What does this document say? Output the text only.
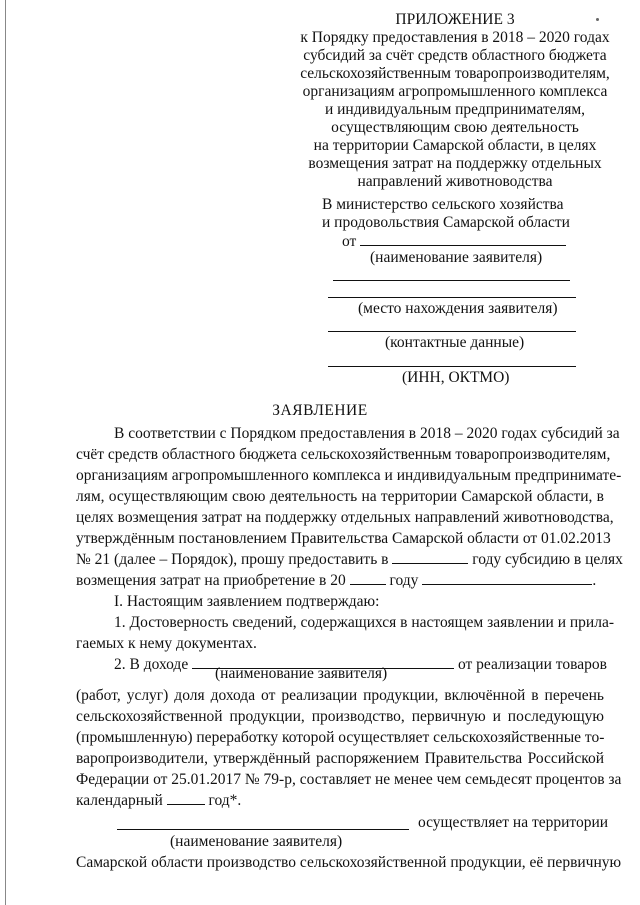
ПРИЛОЖЕНИЕ 3
к Порядку предоставления в 2018 – 2020 годах
субсидий за счёт средств областного бюджета
сельскохозяйственным товаропроизводителям,
организациям агропромышленного комплекса
и индивидуальным предпринимателям,
осуществляющим свою деятельность
на территории Самарской области, в целях
возмещения затрат на поддержку отдельных
направлений животноводства
В министерство сельского хозяйства
и продовольствия Самарской области
от
(наименование заявителя)
(место нахождения заявителя)
(контактные данные)
(ИНН, ОКТМО)
ЗАЯВЛЕНИЕ
В соответствии с Порядком предоставления в 2018 – 2020 годах субсидий за
счёт средств областного бюджета сельскохозяйственным товаропроизводителям,
организациям агропромышленного комплекса и индивидуальным предпринимате-
лям, осуществляющим свою деятельность на территории Самарской области, в
целях возмещения затрат на поддержку отдельных направлений животноводства,
утверждённым постановлением Правительства Самарской области от 01.02.2013
№ 21 (далее – Порядок), прошу предоставить в	году субсидию в целях
возмещения затрат на приобретение в 20	году	.
I. Настоящим заявлением подтверждаю:
1. Достоверность сведений, содержащихся в настоящем заявлении и прила-
гаемых к нему документах.
2. В доходе	от реализации товаров
(наименование заявителя)
(работ, услуг) доля дохода от реализации продукции, включённой в перечень
сельскохозяйственной продукции, производство, первичную и последующую
(промышленную) переработку которой осуществляет сельскохозяйственные то-
варопроизводители, утверждённый распоряжением Правительства Российской
Федерации от 25.01.2017 № 79-р, составляет не менее чем семьдесят процентов за
календарный	год*.
осуществляет на территории
(наименование заявителя)
Самарской области производство сельскохозяйственной продукции, её первичную
